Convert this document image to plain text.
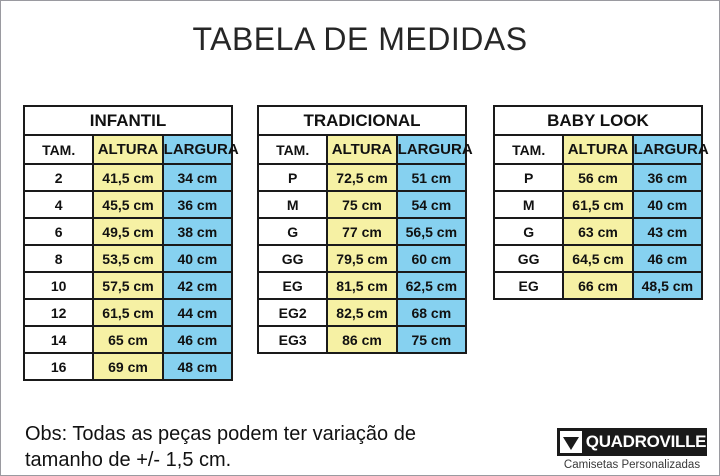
TABELA DE MEDIDAS
INFANTIL		
TAM.	ALTURA	LARGURA
2	41,5 cm	34 cm
4	45,5 cm	36 cm
6	49,5 cm	38 cm
8	53,5 cm	40 cm
10	57,5 cm	42 cm
12	61,5 cm	44 cm
14	65 cm	46 cm
16	69 cm	48 cm
TRADICIONAL		
TAM.	ALTURA	LARGURA
P	72,5 cm	51 cm
M	75 cm	54 cm
G	77 cm	56,5 cm
GG	79,5 cm	60 cm
EG	81,5 cm	62,5 cm
EG2	82,5 cm	68 cm
EG3	86 cm	75 cm
BABY LOOK		
TAM.	ALTURA	LARGURA
P	56 cm	36 cm
M	61,5 cm	40 cm
G	63 cm	43 cm
GG	64,5 cm	46 cm
EG	66 cm	48,5 cm
Obs: Todas as peças podem ter variação de
tamanho de +/- 1,5 cm.
QUADROVILLE
Camisetas Personalizadas
